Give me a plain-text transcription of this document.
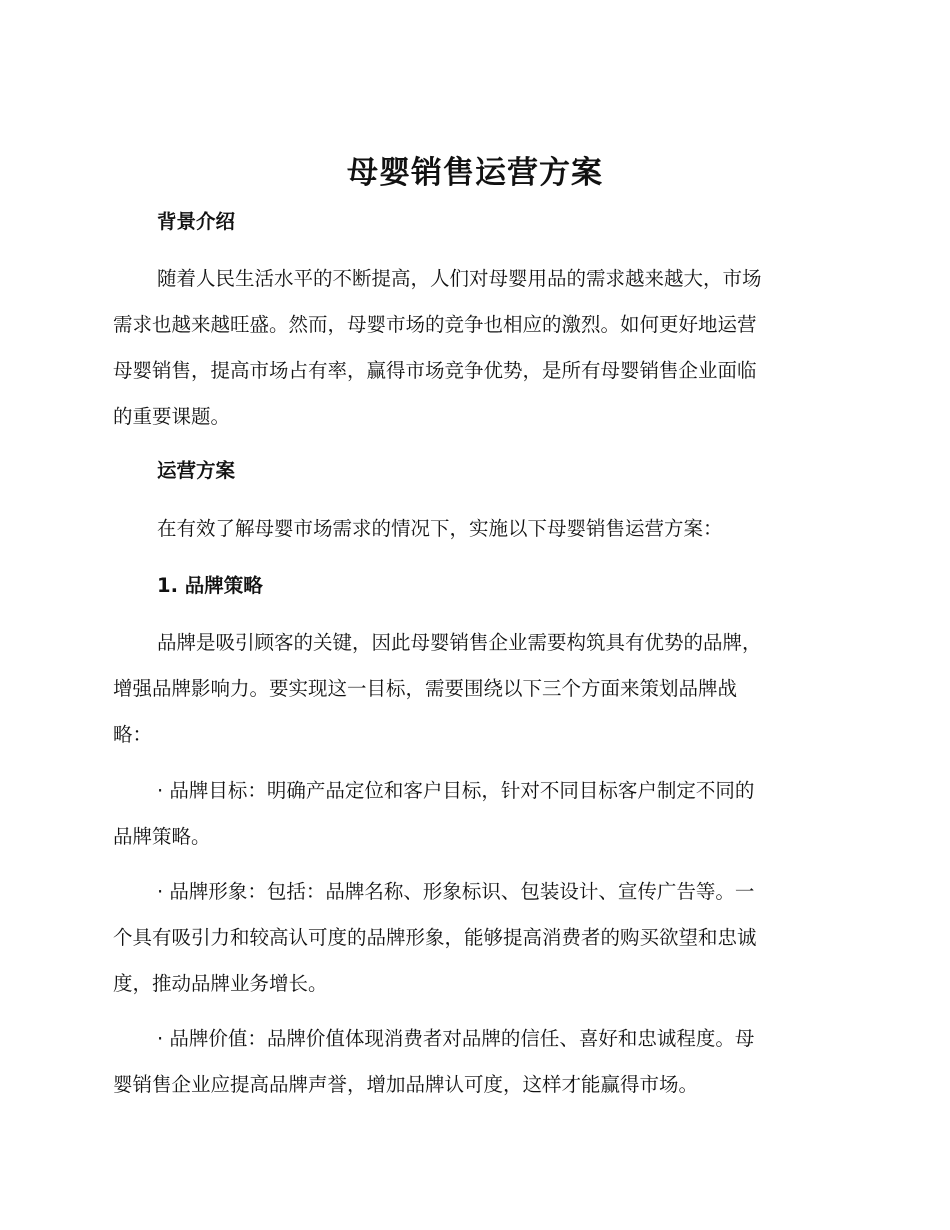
母婴销售运营方案
背景介绍
随着人民生活水平的不断提高，人们对母婴用品的需求越来越大，市场
需求也越来越旺盛。然而，母婴市场的竞争也相应的激烈。如何更好地运营
母婴销售，提高市场占有率，赢得市场竞争优势，是所有母婴销售企业面临
的重要课题。
运营方案
在有效了解母婴市场需求的情况下，实施以下母婴销售运营方案：
1. 品牌策略
品牌是吸引顾客的关键，因此母婴销售企业需要构筑具有优势的品牌，
增强品牌影响力。要实现这一目标，需要围绕以下三个方面来策划品牌战
略：
· 品牌目标：明确产品定位和客户目标，针对不同目标客户制定不同的
品牌策略。
· 品牌形象：包括：品牌名称、形象标识、包装设计、宣传广告等。一
个具有吸引力和较高认可度的品牌形象，能够提高消费者的购买欲望和忠诚
度，推动品牌业务增长。
· 品牌价值：品牌价值体现消费者对品牌的信任、喜好和忠诚程度。母
婴销售企业应提高品牌声誉，增加品牌认可度，这样才能赢得市场。
